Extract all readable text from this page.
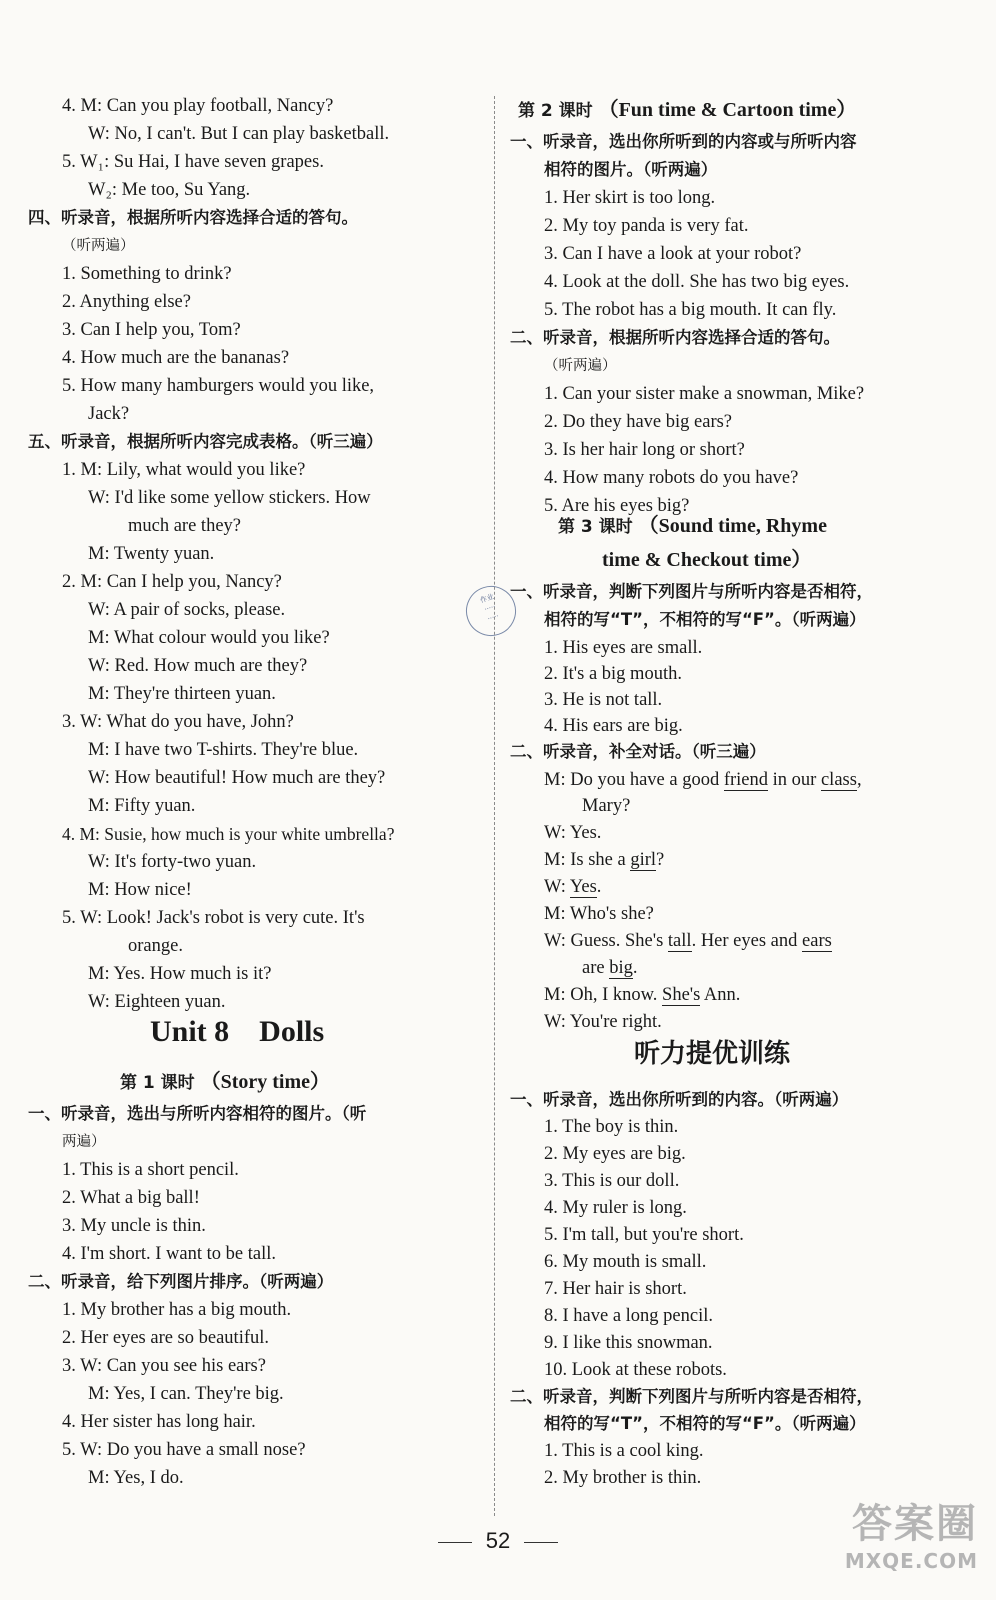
4. M: Can you play football, Nancy?
W: No, I can't. But I can play basketball.
5. W₁: Su Hai, I have seven grapes.
W₂: Me too, Su Yang.
四、听录音，根据所听内容选择合适的答句。
（听两遍）
1. Something to drink?
2. Anything else?
3. Can I help you, Tom?
4. How much are the bananas?
5. How many hamburgers would you like,
Jack?
五、听录音，根据所听内容完成表格。（听三遍）
1. M: Lily, what would you like?
W: I'd like some yellow stickers. How
much are they?
M: Twenty yuan.
2. M: Can I help you, Nancy?
W: A pair of socks, please.
M: What colour would you like?
W: Red. How much are they?
M: They're thirteen yuan.
3. W: What do you have, John?
M: I have two T-shirts. They're blue.
W: How beautiful! How much are they?
M: Fifty yuan.
4. M: Susie, how much is your white umbrella?
W: It's forty-two yuan.
M: How nice!
5. W: Look! Jack's robot is very cute. It's
orange.
M: Yes. How much is it?
W: Eighteen yuan.
Unit 8    Dolls
第 1 课时 （Story time）
一、听录音，选出与所听内容相符的图片。（听
两遍）
1. This is a short pencil.
2. What a big ball!
3. My uncle is thin.
4. I'm short. I want to be tall.
二、听录音，给下列图片排序。（听两遍）
1. My brother has a big mouth.
2. Her eyes are so beautiful.
3. W: Can you see his ears?
M: Yes, I can. They're big.
4. Her sister has long hair.
5. W: Do you have a small nose?
M: Yes, I do.
第 2 课时 （Fun time & Cartoon time）
一、听录音，选出你所听到的内容或与所听内容
相符的图片。（听两遍）
1. Her skirt is too long.
2. My toy panda is very fat.
3. Can I have a look at your robot?
4. Look at the doll. She has two big eyes.
5. The robot has a big mouth. It can fly.
二、听录音，根据所听内容选择合适的答句。
（听两遍）
1. Can your sister make a snowman, Mike?
2. Do they have big ears?
3. Is her hair long or short?
4. How many robots do you have?
5. Are his eyes big?
第 3 课时 （Sound time, Rhyme
time & Checkout time）
一、听录音，判断下列图片与所听内容是否相符，
相符的写“T”，不相符的写“F”。（听两遍）
1. His eyes are small.
2. It's a big mouth.
3. He is not tall.
4. His ears are big.
二、听录音，补全对话。（听三遍）
M: Do you have a good friend in our class,
Mary?
W: Yes.
M: Is she a girl?
W: Yes.
M: Who's she?
W: Guess. She's tall. Her eyes and ears
are big.
M: Oh, I know. She's Ann.
W: You're right.
听力提优训练
一、听录音，选出你所听到的内容。（听两遍）
1. The boy is thin.
2. My eyes are big.
3. This is our doll.
4. My ruler is long.
5. I'm tall, but you're short.
6. My mouth is small.
7. Her hair is short.
8. I have a long pencil.
9. I like this snowman.
10. Look at these robots.
二、听录音，判断下列图片与所听内容是否相符，
相符的写“T”，不相符的写“F”。（听两遍）
1. This is a cool king.
2. My brother is thin.
作业
·····
·····
52	答案圈
MXQE.COM
